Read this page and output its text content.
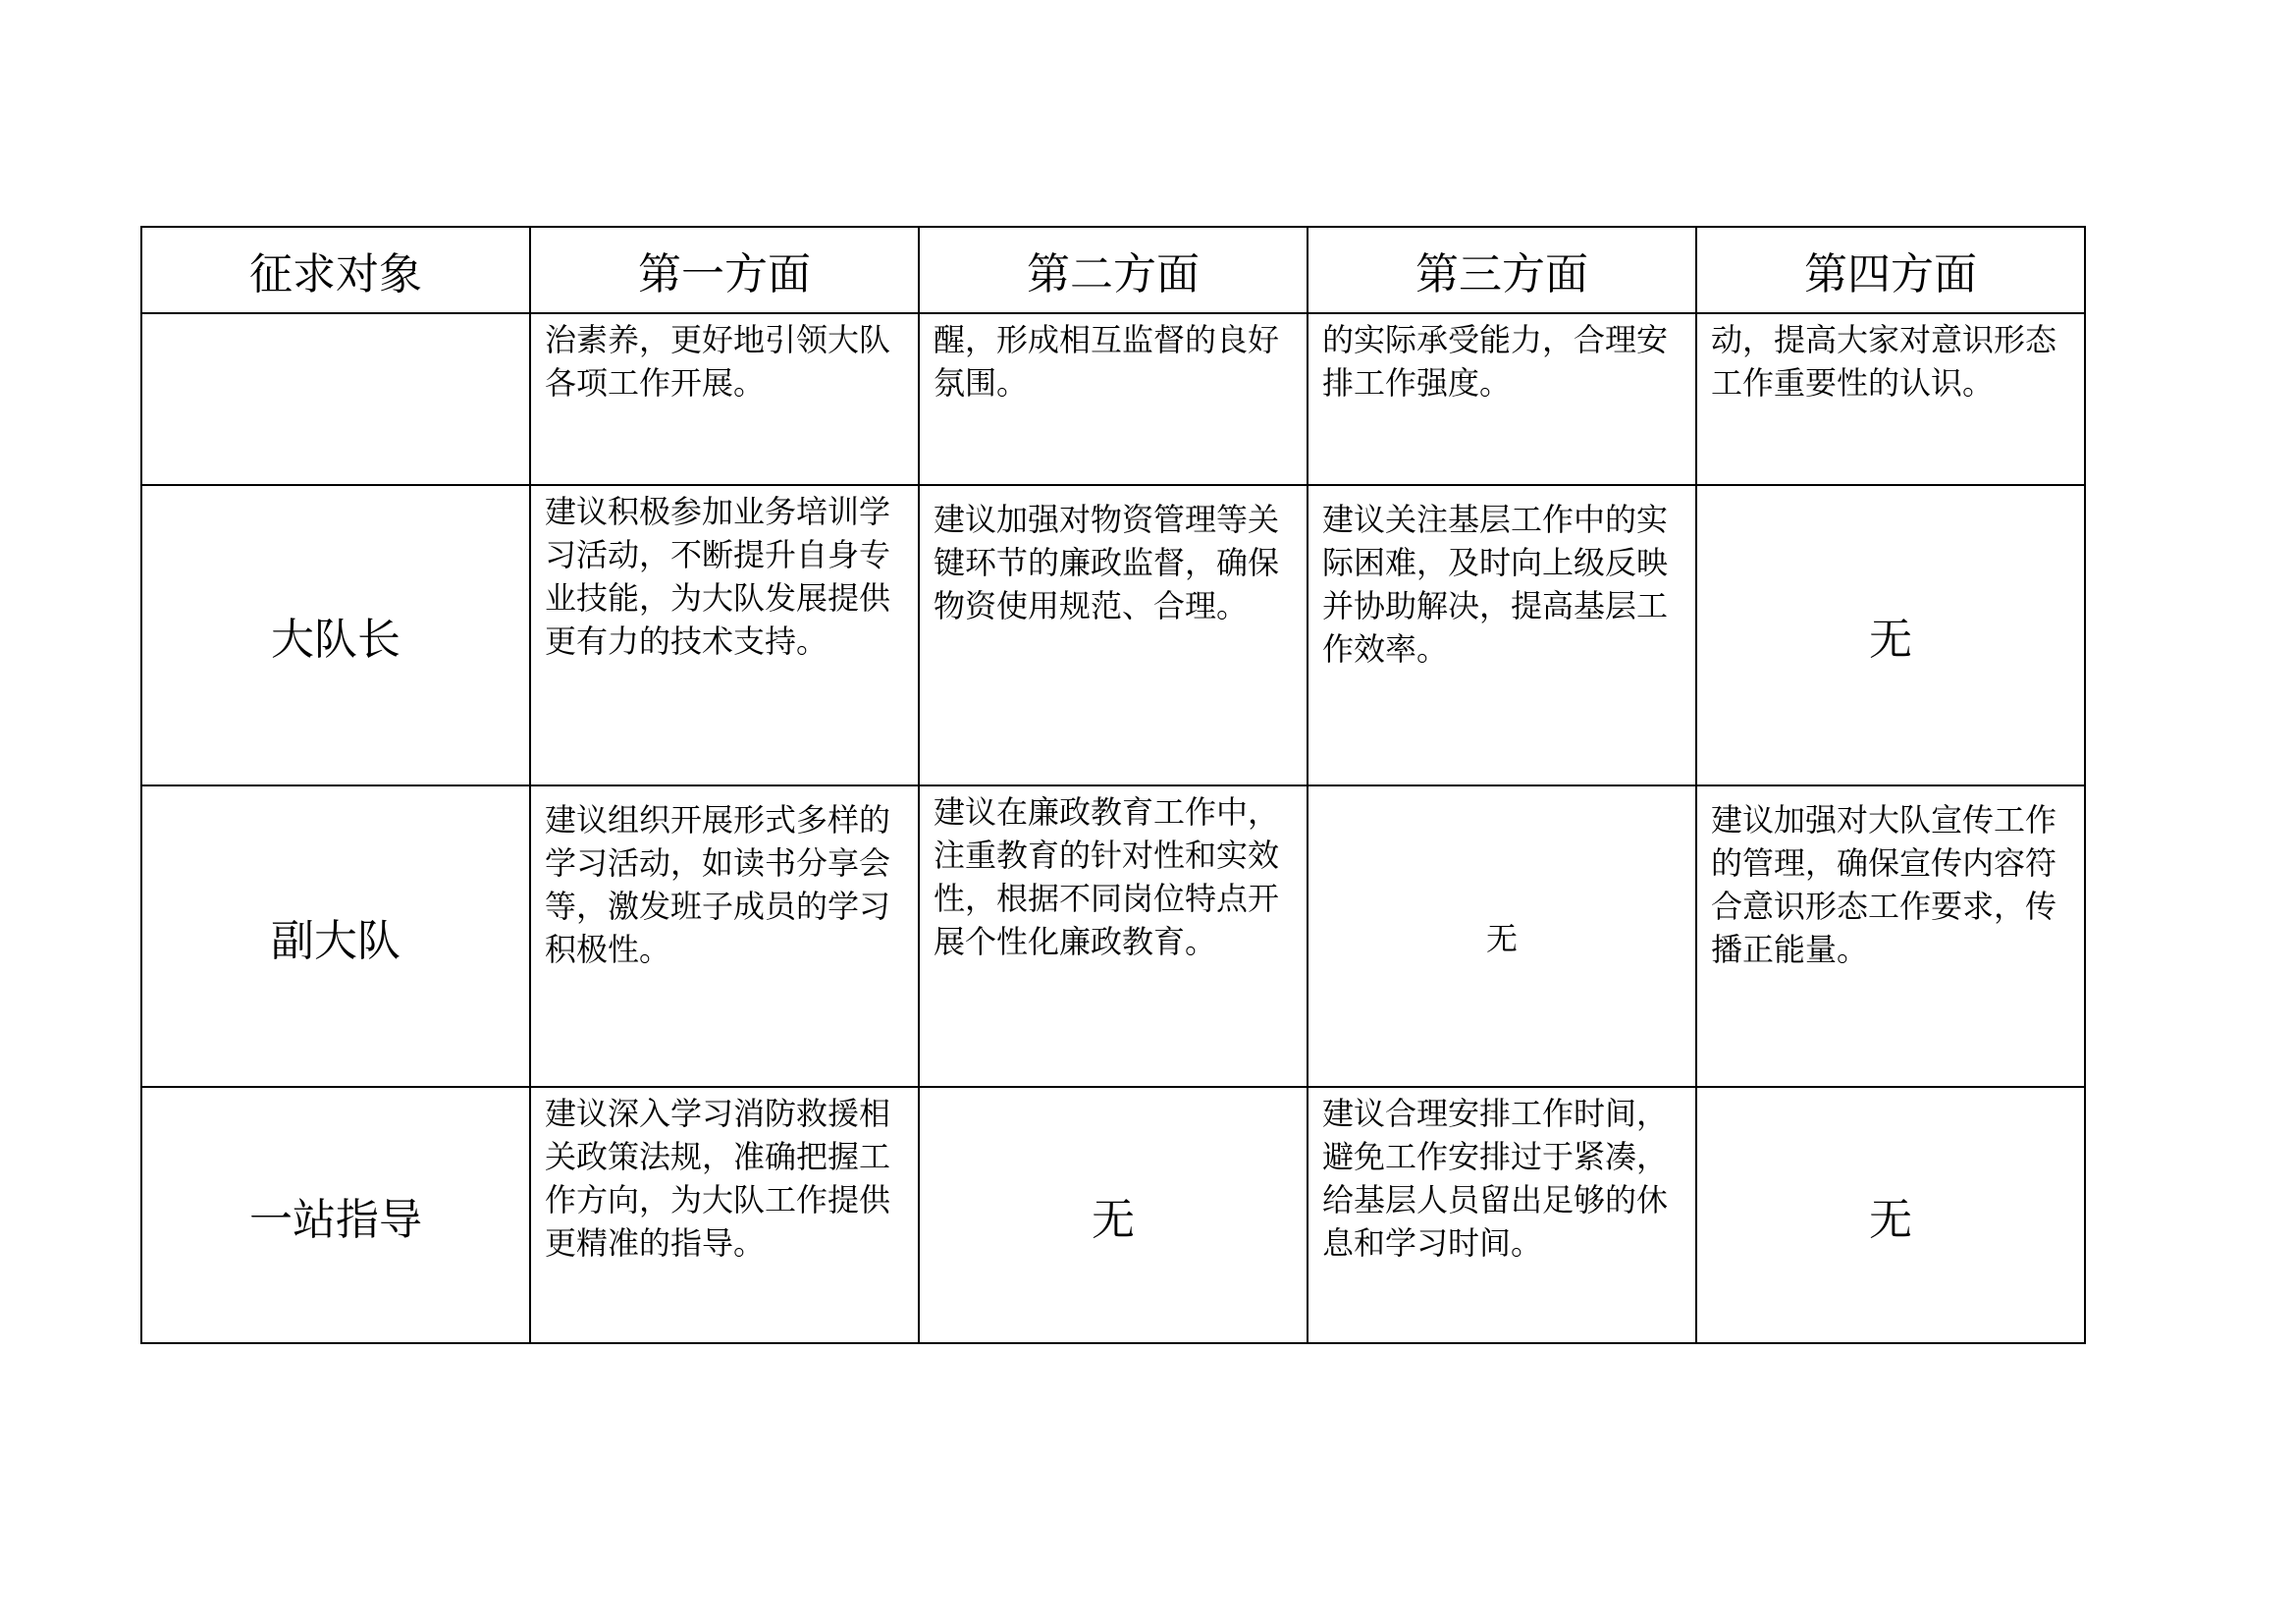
征求对象	第一方面	第二方面	第三方面	第四方面
	治素养，更好地引领大队各项工作开展。	醒，形成相互监督的良好氛围。	的实际承受能力，合理安排工作强度。	动，提高大家对意识形态工作重要性的认识。
大队长	建议积极参加业务培训学习活动，不断提升自身专业技能，为大队发展提供更有力的技术支持。	建议加强对物资管理等关键环节的廉政监督，确保物资使用规范、合理。	建议关注基层工作中的实际困难，及时向上级反映并协助解决，提高基层工作效率。	无
副大队	建议组织开展形式多样的学习活动，如读书分享会等，激发班子成员的学习积极性。	建议在廉政教育工作中，注重教育的针对性和实效性，根据不同岗位特点开展个性化廉政教育。	无	建议加强对大队宣传工作的管理，确保宣传内容符合意识形态工作要求，传播正能量。
一站指导	建议深入学习消防救援相关政策法规，准确把握工作方向，为大队工作提供更精准的指导。	无	建议合理安排工作时间，避免工作安排过于紧凑，给基层人员留出足够的休息和学习时间。	无
